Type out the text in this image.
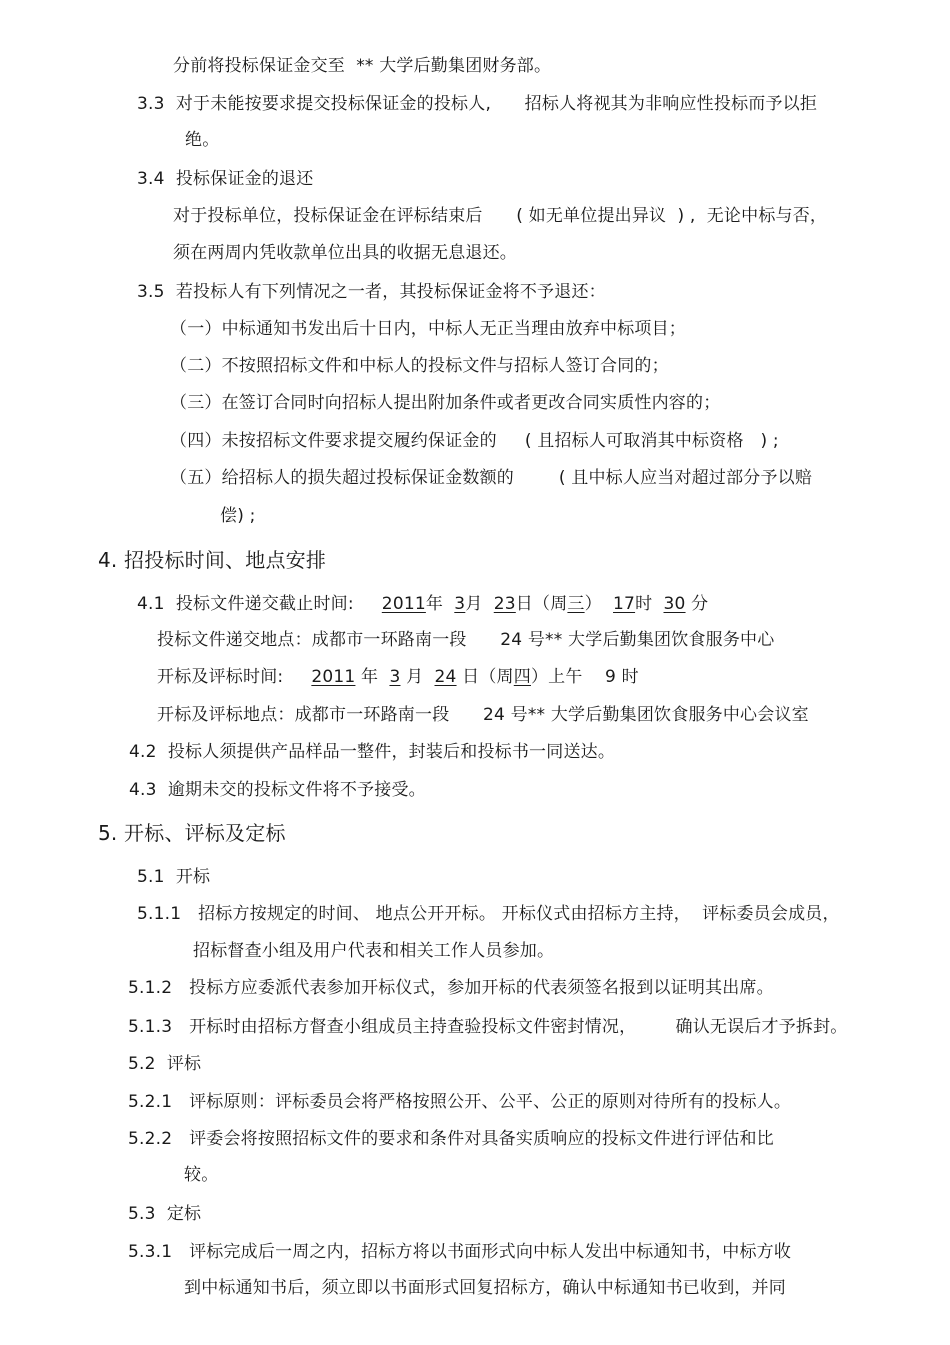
分前将投标保证金交至  ** 大学后勤集团财务部。
3.3  对于未能按要求提交投标保证金的投标人,      招标人将视其为非响应性投标而予以拒
绝。
3.4  投标保证金的退还
对于投标单位，投标保证金在评标结束后      ( 如无单位提出异议  ) ,  无论中标与否，
须在两周内凭收款单位出具的收据无息退还。
3.5  若投标人有下列情况之一者，其投标保证金将不予退还：
（一）中标通知书发出后十日内，中标人无正当理由放弃中标项目；
（二）不按照招标文件和中标人的投标文件与招标人签订合同的；
（三）在签订合同时向招标人提出附加条件或者更改合同实质性内容的；
（四）未按招标文件要求提交履约保证金的     ( 且招标人可取消其中标资格   ) ;
（五）给招标人的损失超过投标保证金数额的        ( 且中标人应当对超过部分予以赔
偿) ;
4. 招投标时间、地点安排
4.1  投标文件递交截止时间:     2011年  3月  23日（周三）  17时  30 分
投标文件递交地点：成都市一环路南一段      24 号** 大学后勤集团饮食服务中心
开标及评标时间:     2011 年  3 月  24 日（周四）上午    9 时
开标及评标地点：成都市一环路南一段      24 号** 大学后勤集团饮食服务中心会议室
4.2  投标人须提供产品样品一整件，封装后和投标书一同送达。
4.3  逾期未交的投标文件将不予接受。
5. 开标、评标及定标
5.1  开标
5.1.1   招标方按规定的时间、 地点公开开标。 开标仪式由招标方主持，  评标委员会成员，
招标督查小组及用户代表和相关工作人员参加。
5.1.2   投标方应委派代表参加开标仪式，参加开标的代表须签名报到以证明其出席。
5.1.3   开标时由招标方督查小组成员主持查验投标文件密封情况，       确认无误后才予拆封。
5.2  评标
5.2.1   评标原则：评标委员会将严格按照公开、公平、公正的原则对待所有的投标人。
5.2.2   评委会将按照招标文件的要求和条件对具备实质响应的投标文件进行评估和比
较。
5.3  定标
5.3.1   评标完成后一周之内，招标方将以书面形式向中标人发出中标通知书，中标方收
到中标通知书后，须立即以书面形式回复招标方，确认中标通知书已收到，并同
